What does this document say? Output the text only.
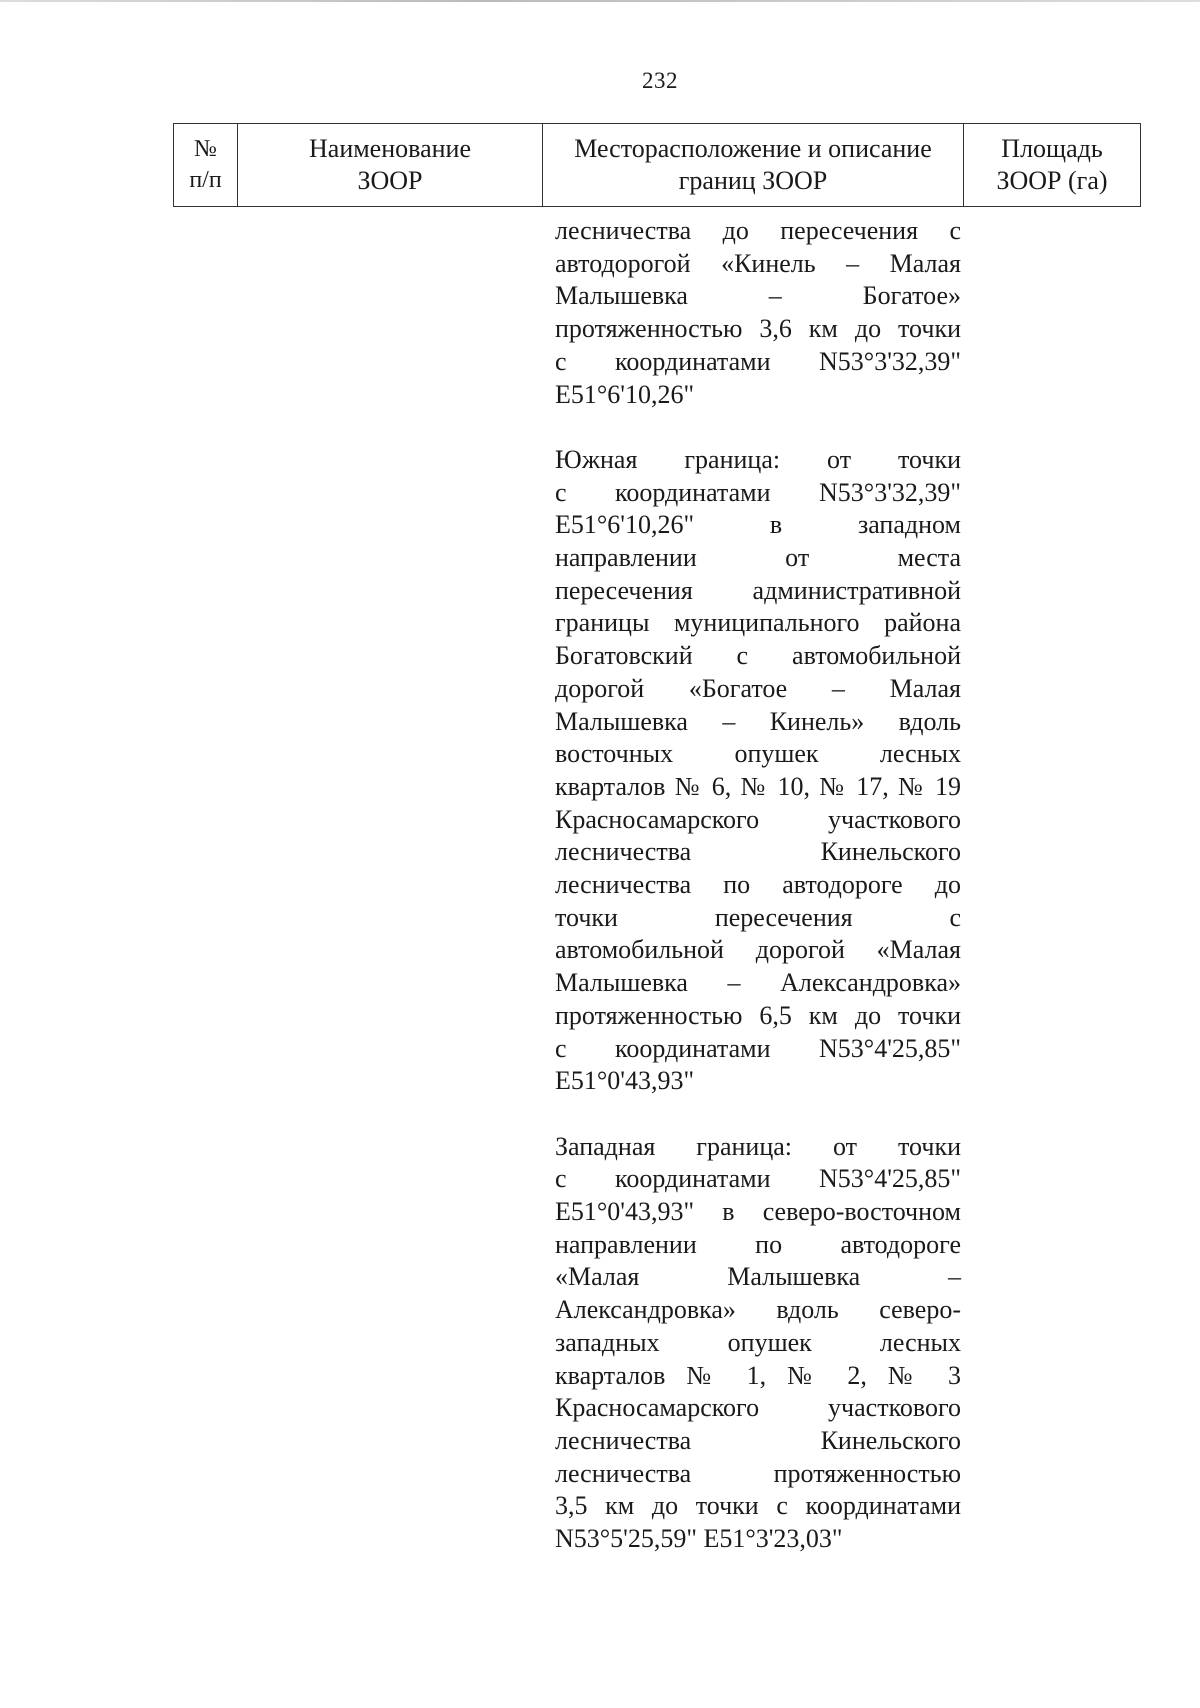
232
№
п/п
Наименование
ЗООР
Месторасположение и описание
границ ЗООР
Площадь
ЗООР (га)

лесничества до пересечения с
автодорогой «Кинель – Малая
Малышевка – Богатое»
протяженностью 3,6 км до точки
с координатами N53°3'32,39"
E51°6'10,26"

Южная граница: от точки
с координатами N53°3'32,39"
E51°6'10,26" в западном
направлении от места
пересечения административной
границы муниципального района
Богатовский с автомобильной
дорогой «Богатое – Малая
Малышевка – Кинель» вдоль
восточных опушек лесных
кварталов № 6, № 10, № 17, № 19
Красносамарского участкового
лесничества Кинельского
лесничества по автодороге до
точки пересечения с
автомобильной дорогой «Малая
Малышевка – Александровка»
протяженностью 6,5 км до точки
с координатами N53°4'25,85"
E51°0'43,93"

Западная граница: от точки
с координатами N53°4'25,85"
E51°0'43,93" в северо-восточном
направлении по автодороге
«Малая Малышевка –
Александровка» вдоль северо-
западных опушек лесных
кварталов № 1, № 2, № 3
Красносамарского участкового
лесничества Кинельского
лесничества протяженностью
3,5 км до точки с координатами
N53°5'25,59" E51°3'23,03"
